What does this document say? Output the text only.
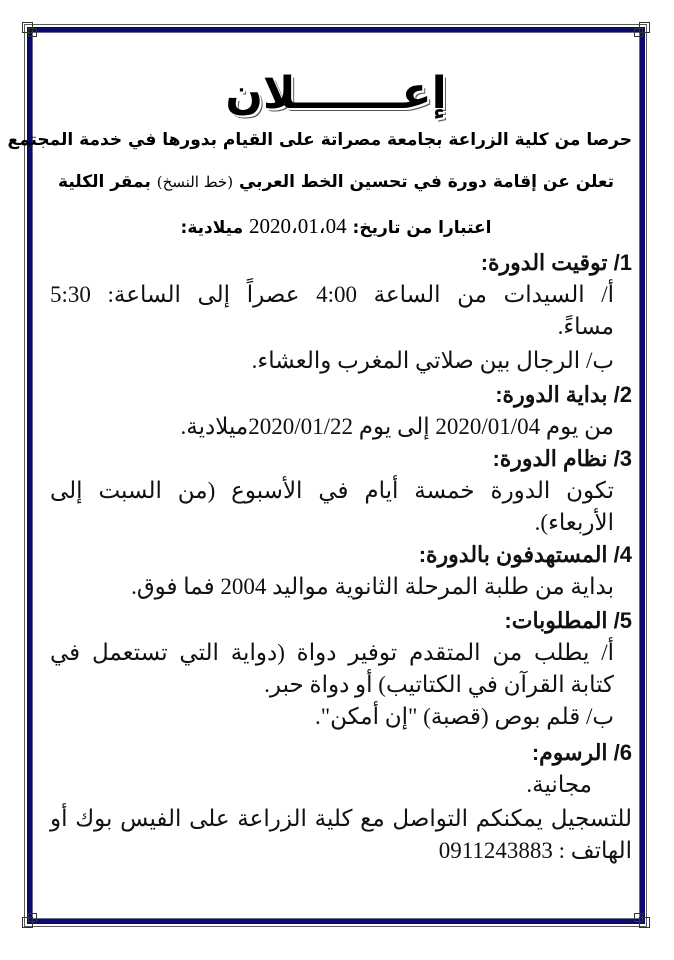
إعـــــــلان
حرصا من كلية الزراعة بجامعة مصراتة على القيام بدورها في خدمة المجتمع
تعلن عن إقامة دورة في تحسين الخط العربي (خط النسخ) بمقر الكلية
اعتبارا من تاريخ: 2020،01،04 ميلادية:
1/ توقيت الدورة:
أ/ السيدات من الساعة 4:00 عصراً إلى الساعة: 5:30
مساءً.
ب/ الرجال بين صلاتي المغرب والعشاء.
2/ بداية الدورة:
من يوم 2020/01/04 إلى يوم 2020/01/22ميلادية.
3/ نظام الدورة:
تكون الدورة خمسة أيام في الأسبوع (من السبت إلى
الأربعاء).
4/ المستهدفون بالدورة:
بداية من طلبة المرحلة الثانوية مواليد 2004 فما فوق.
5/ المطلوبات:
أ/ يطلب من المتقدم توفير دواة (دواية التي تستعمل في
كتابة القرآن في الكتاتيب) أو دواة حبر.
ب/ قلم بوص (قصبة) "إن أمكن".
6/ الرسوم:
مجانية.
للتسجيل يمكنكم التواصل مع كلية الزراعة على الفيس بوك أو
الهاتف : 0911243883
